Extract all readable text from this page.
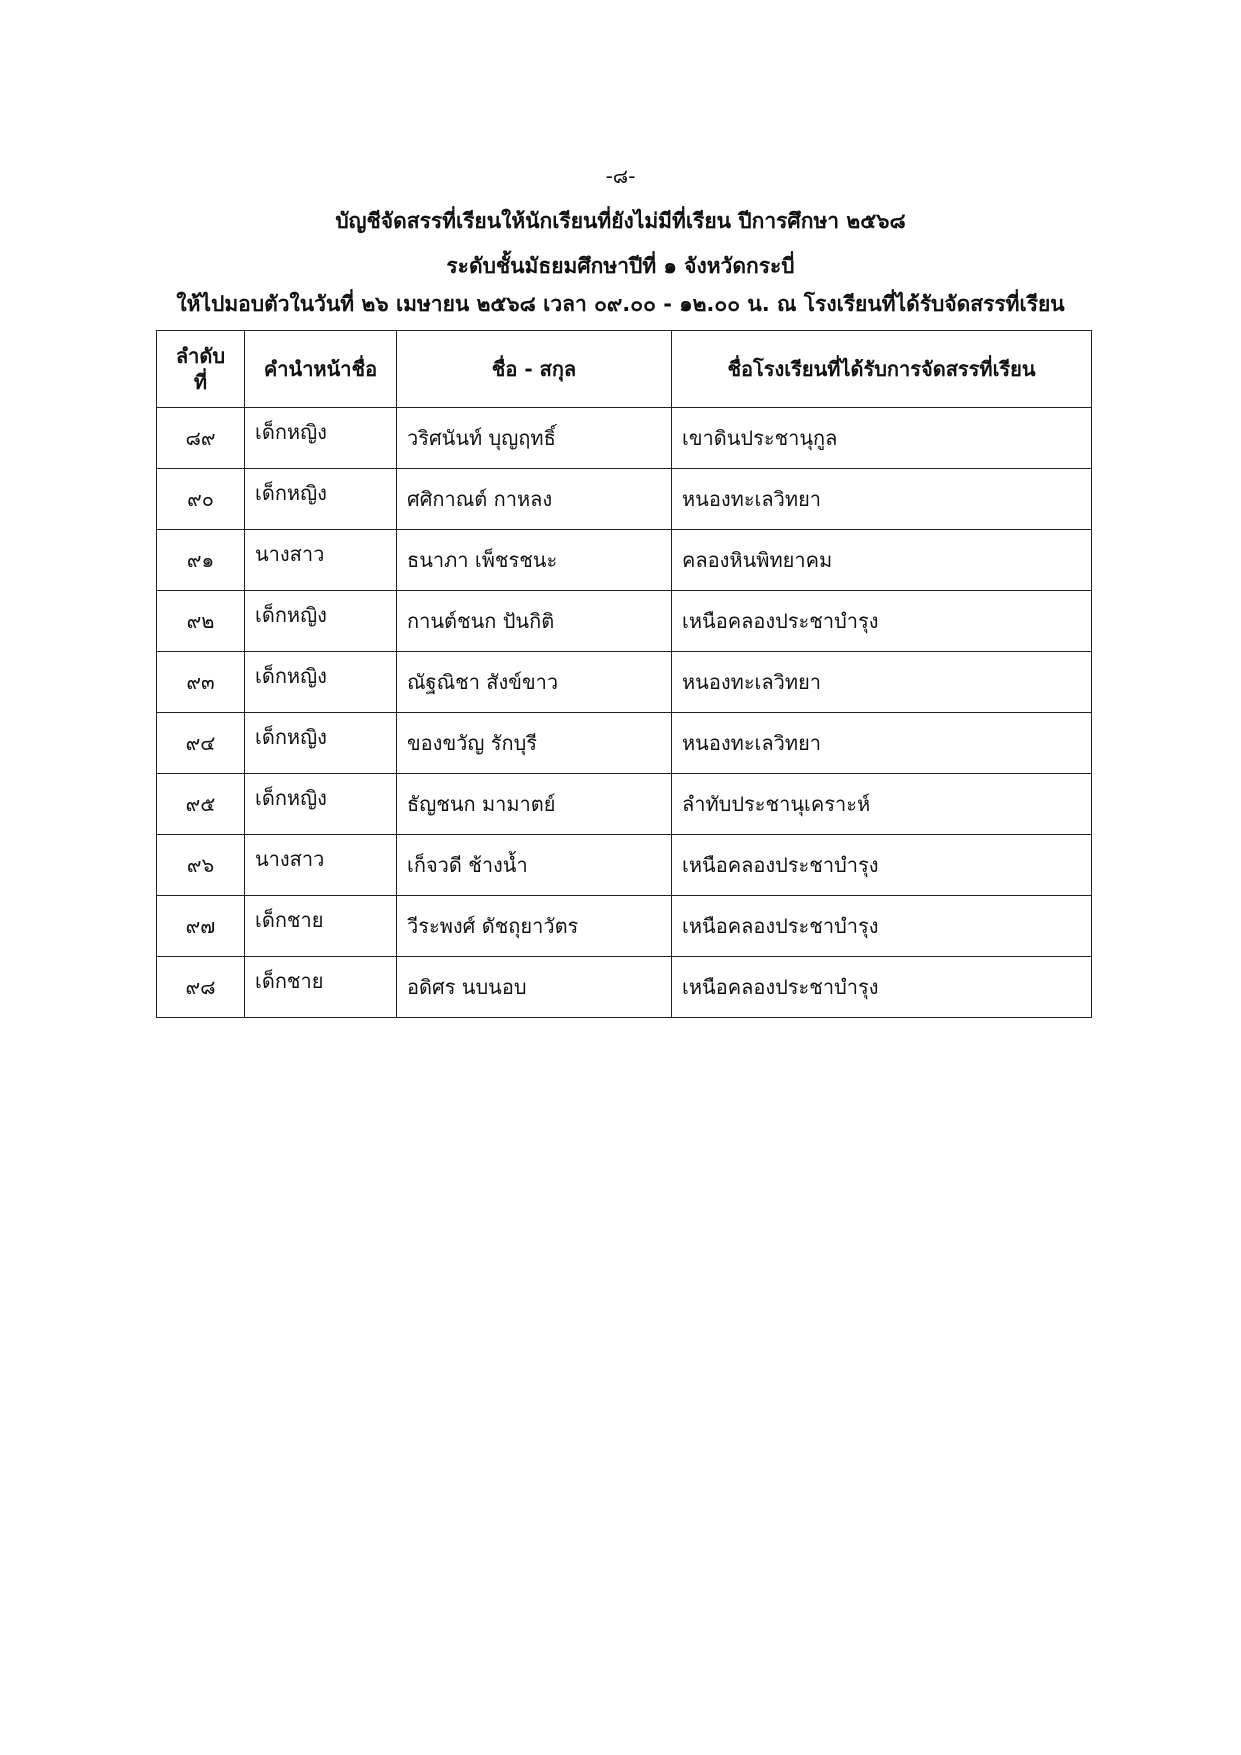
-๘-
บัญชีจัดสรรที่เรียนให้นักเรียนที่ยังไม่มีที่เรียน ปีการศึกษา ๒๕๖๘
ระดับชั้นมัธยมศึกษาปีที่ ๑ จังหวัดกระบี่
ให้ไปมอบตัวในวันที่ ๒๖ เมษายน ๒๕๖๘ เวลา ๐๙.๐๐ - ๑๒.๐๐ น. ณ โรงเรียนที่ได้รับจัดสรรที่เรียน
ลำดับ
ที่	คำนำหน้าชื่อ	ชื่อ - สกุล	ชื่อโรงเรียนที่ได้รับการจัดสรรที่เรียน
๘๙	เด็กหญิง	วริศนันท์ บุญฤทธิ์	เขาดินประชานุกูล
๙๐	เด็กหญิง	ศศิกาณต์ กาหลง	หนองทะเลวิทยา
๙๑	นางสาว	ธนาภา เพ็ชรชนะ	คลองหินพิทยาคม
๙๒	เด็กหญิง	กานต์ชนก ปันกิติ	เหนือคลองประชาบำรุง
๙๓	เด็กหญิง	ณัฐณิชา สังข์ขาว	หนองทะเลวิทยา
๙๔	เด็กหญิง	ของขวัญ รักบุรี	หนองทะเลวิทยา
๙๕	เด็กหญิง	ธัญชนก มามาตย์	ลำทับประชานุเคราะห์
๙๖	นางสาว	เก็จวดี ช้างน้ำ	เหนือคลองประชาบำรุง
๙๗	เด็กชาย	วีระพงศ์ ดัชถุยาวัตร	เหนือคลองประชาบำรุง
๙๘	เด็กชาย	อดิศร นบนอบ	เหนือคลองประชาบำรุง
